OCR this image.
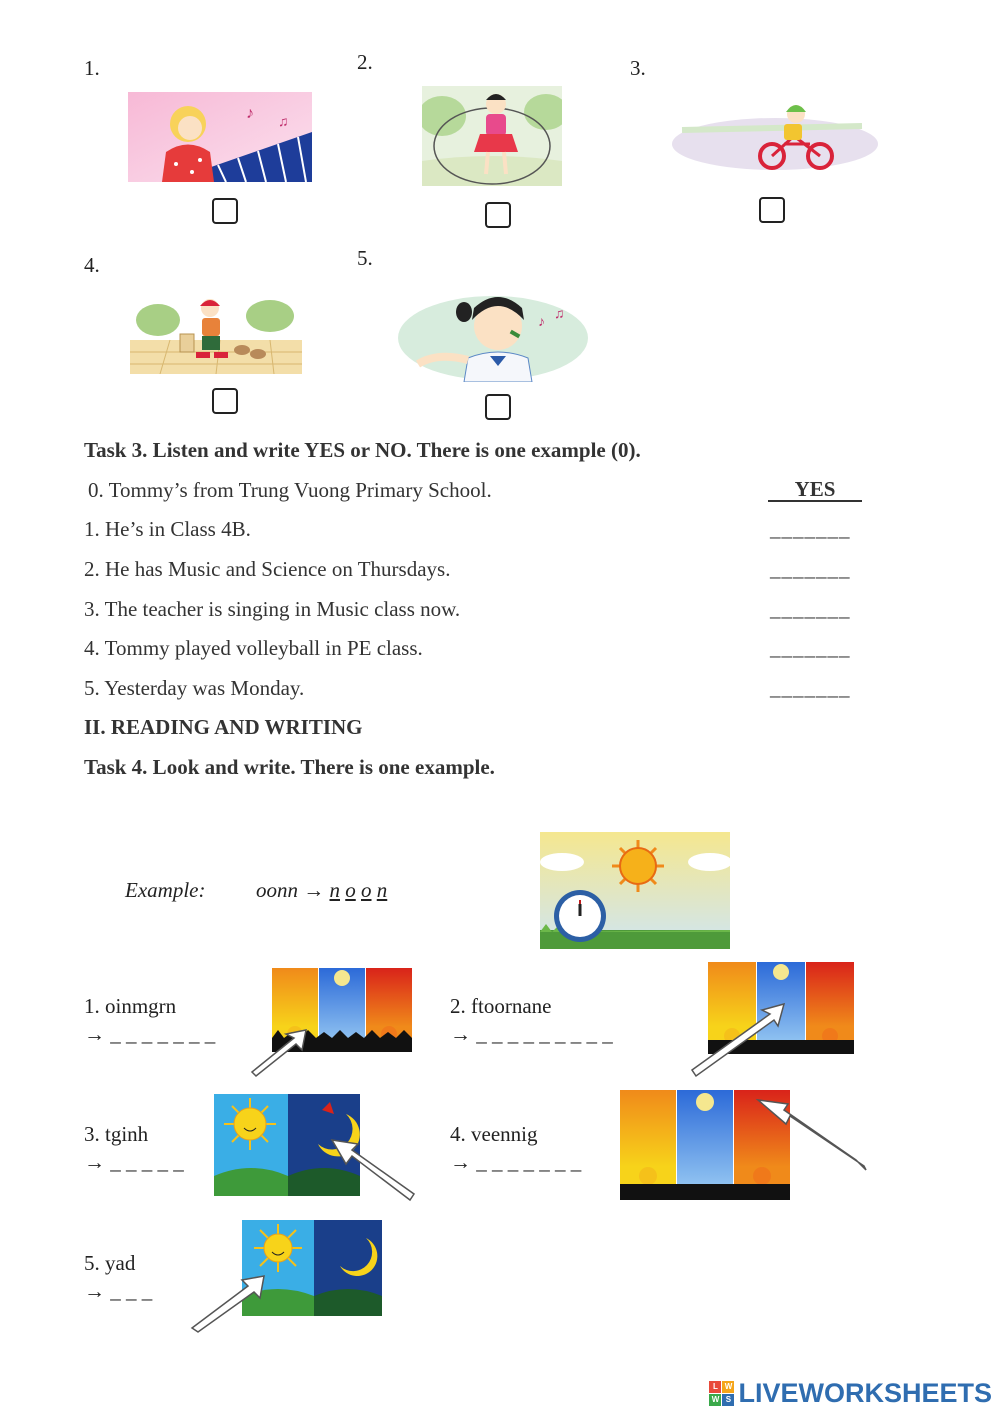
1.	2.	3.
4.	5.
♪
♫
♪
♫
Task 3. Listen and write YES or NO. There is one example (0).
0. Tommy’s from Trung Vuong Primary School.	YES
1. He’s in Class 4B.	_______
2. He has Music and Science on Thursdays.	_______
3. The teacher is singing in Music class now.	_______
4. Tommy played volleyball in PE class.	_______
5. Yesterday was Monday.	_______
II. READING AND WRITING
Task 4. Look and write. There is one example.
Example: oonn → n o o n
1. oinmgrn
→ _ _ _ _ _ _ _
2. ftoornane
→ _ _ _ _ _ _ _ _ _
3. tginh
→ _ _ _ _ _
4. veennig
→ _ _ _ _ _ _ _
5. yad
→ _ _ _
L W
W S LIVEWORKSHEETS
